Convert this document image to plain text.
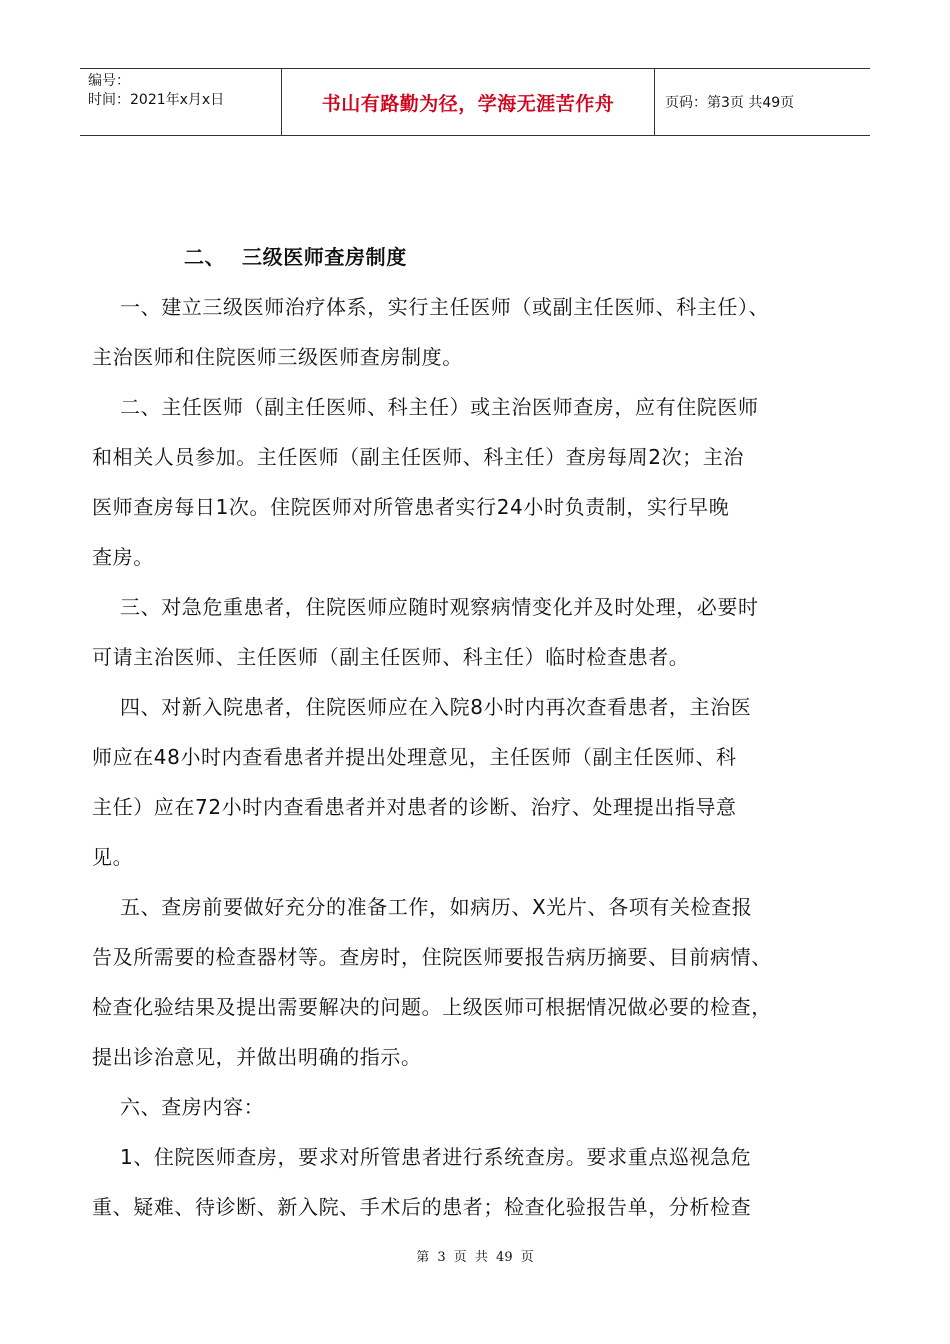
编号：
时间：2021年x月x日	书山有路勤为径，学海无涯苦作舟	页码：第3页 共49页
二、 三级医师查房制度
一、建立三级医师治疗体系，实行主任医师（或副主任医师、科主任）、
主治医师和住院医师三级医师查房制度。
二、主任医师（副主任医师、科主任）或主治医师查房，应有住院医师
和相关人员参加。主任医师（副主任医师、科主任）查房每周2次；主治
医师查房每日1次。住院医师对所管患者实行24小时负责制，实行早晚
查房。
三、对急危重患者，住院医师应随时观察病情变化并及时处理，必要时
可请主治医师、主任医师（副主任医师、科主任）临时检查患者。
四、对新入院患者，住院医师应在入院8小时内再次查看患者，主治医
师应在48小时内查看患者并提出处理意见，主任医师（副主任医师、科
主任）应在72小时内查看患者并对患者的诊断、治疗、处理提出指导意
见。
五、查房前要做好充分的准备工作，如病历、X光片、各项有关检查报
告及所需要的检查器材等。查房时，住院医师要报告病历摘要、目前病情、
检查化验结果及提出需要解决的问题。上级医师可根据情况做必要的检查，
提出诊治意见，并做出明确的指示。
六、查房内容：
1、住院医师查房，要求对所管患者进行系统查房。要求重点巡视急危
重、疑难、待诊断、新入院、手术后的患者；检查化验报告单，分析检查
第 3 页 共 49 页
